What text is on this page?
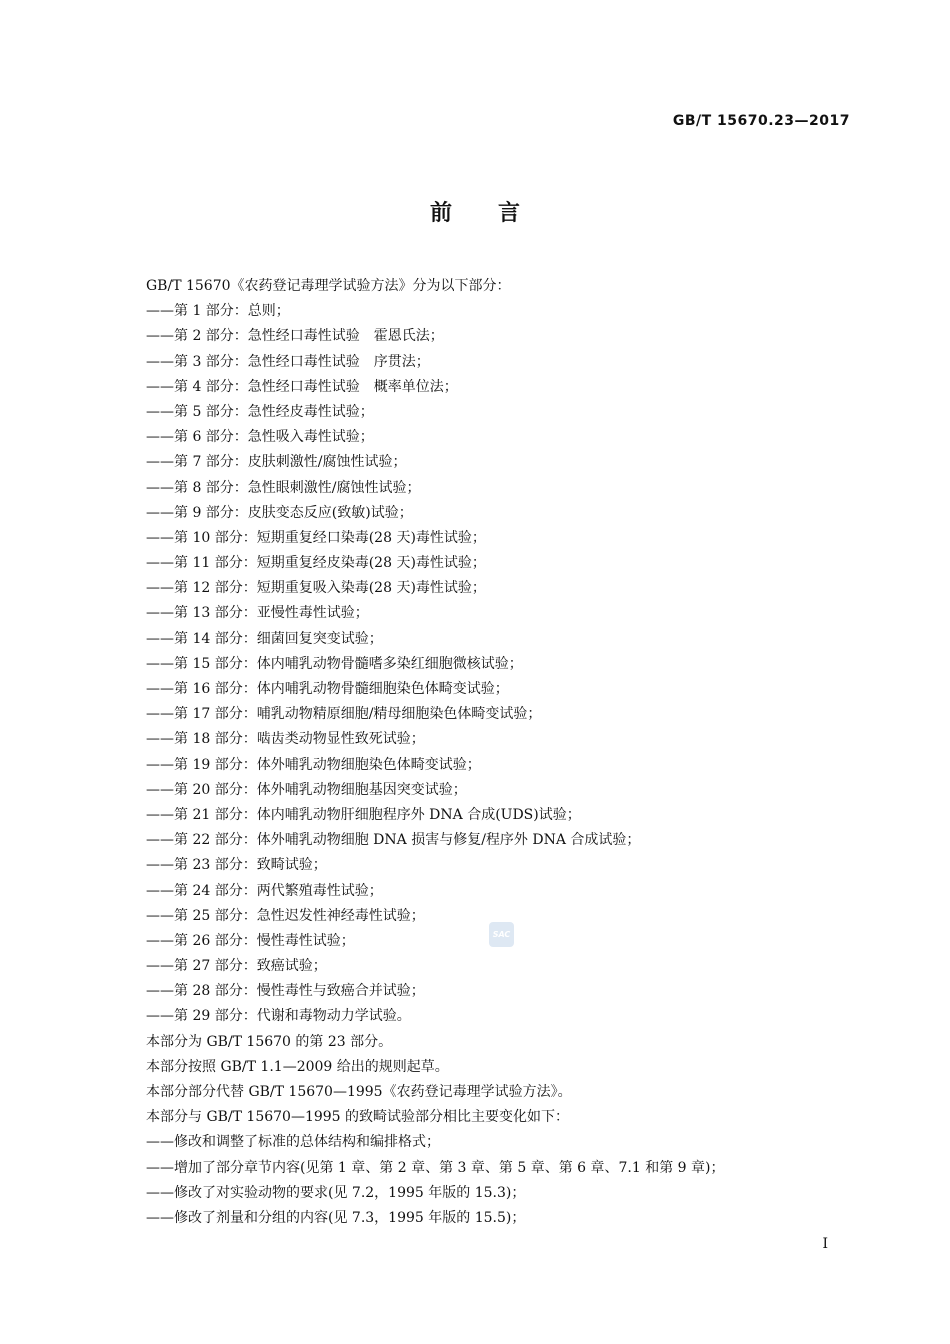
GB/T 15670.23—2017
前言
GB/T 15670《农药登记毒理学试验方法》分为以下部分：
——第 1 部分：总则；
——第 2 部分：急性经口毒性试验　霍恩氏法；
——第 3 部分：急性经口毒性试验　序贯法；
——第 4 部分：急性经口毒性试验　概率单位法；
——第 5 部分：急性经皮毒性试验；
——第 6 部分：急性吸入毒性试验；
——第 7 部分：皮肤刺激性/腐蚀性试验；
——第 8 部分：急性眼刺激性/腐蚀性试验；
——第 9 部分：皮肤变态反应(致敏)试验；
——第 10 部分：短期重复经口染毒(28 天)毒性试验；
——第 11 部分：短期重复经皮染毒(28 天)毒性试验；
——第 12 部分：短期重复吸入染毒(28 天)毒性试验；
——第 13 部分：亚慢性毒性试验；
——第 14 部分：细菌回复突变试验；
——第 15 部分：体内哺乳动物骨髓嗜多染红细胞微核试验；
——第 16 部分：体内哺乳动物骨髓细胞染色体畸变试验；
——第 17 部分：哺乳动物精原细胞/精母细胞染色体畸变试验；
——第 18 部分：啮齿类动物显性致死试验；
——第 19 部分：体外哺乳动物细胞染色体畸变试验；
——第 20 部分：体外哺乳动物细胞基因突变试验；
——第 21 部分：体内哺乳动物肝细胞程序外 DNA 合成(UDS)试验；
——第 22 部分：体外哺乳动物细胞 DNA 损害与修复/程序外 DNA 合成试验；
——第 23 部分：致畸试验；
——第 24 部分：两代繁殖毒性试验；
——第 25 部分：急性迟发性神经毒性试验；
——第 26 部分：慢性毒性试验；
——第 27 部分：致癌试验；
——第 28 部分：慢性毒性与致癌合并试验；
——第 29 部分：代谢和毒物动力学试验。
本部分为 GB/T 15670 的第 23 部分。
本部分按照 GB/T 1.1—2009 给出的规则起草。
本部分部分代替 GB/T 15670—1995《农药登记毒理学试验方法》。
本部分与 GB/T 15670—1995 的致畸试验部分相比主要变化如下：
——修改和调整了标准的总体结构和编排格式；
——增加了部分章节内容(见第 1 章、第 2 章、第 3 章、第 5 章、第 6 章、7.1 和第 9 章)；
——修改了对实验动物的要求(见 7.2，1995 年版的 15.3)；
——修改了剂量和分组的内容(见 7.3，1995 年版的 15.5)；
SAC
I
